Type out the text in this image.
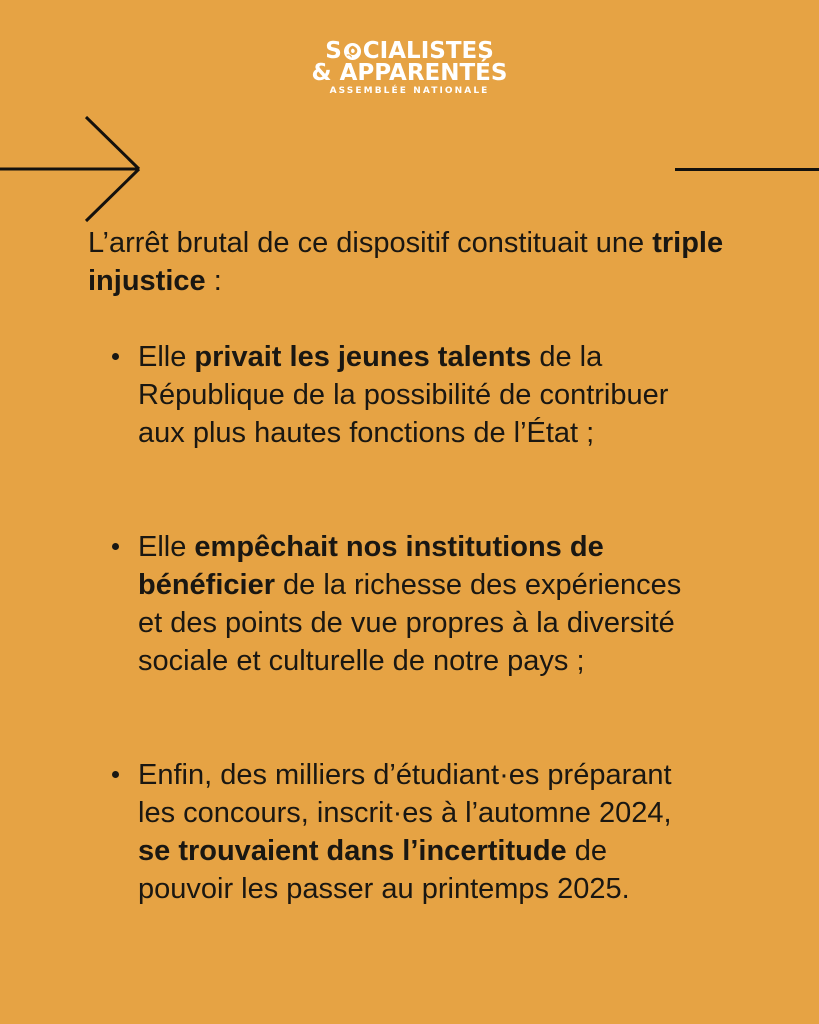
S CIALISTES
& APPARENTÉS
ASSEMBLÉE NATIONALE

L’arrêt brutal de ce dispositif constituait une triple injustice :

Elle privait les jeunes talents de la République de la possibilité de contribuer aux plus hautes fonctions de l’État ;
Elle empêchait nos institutions de bénéficier de la richesse des expériences et des points de vue propres à la diversité sociale et culturelle de notre pays ;
Enfin, des milliers d’étudiant·es préparant les concours, inscrit·es à l’automne 2024, se trouvaient dans l’incertitude de pouvoir les passer au printemps 2025.
